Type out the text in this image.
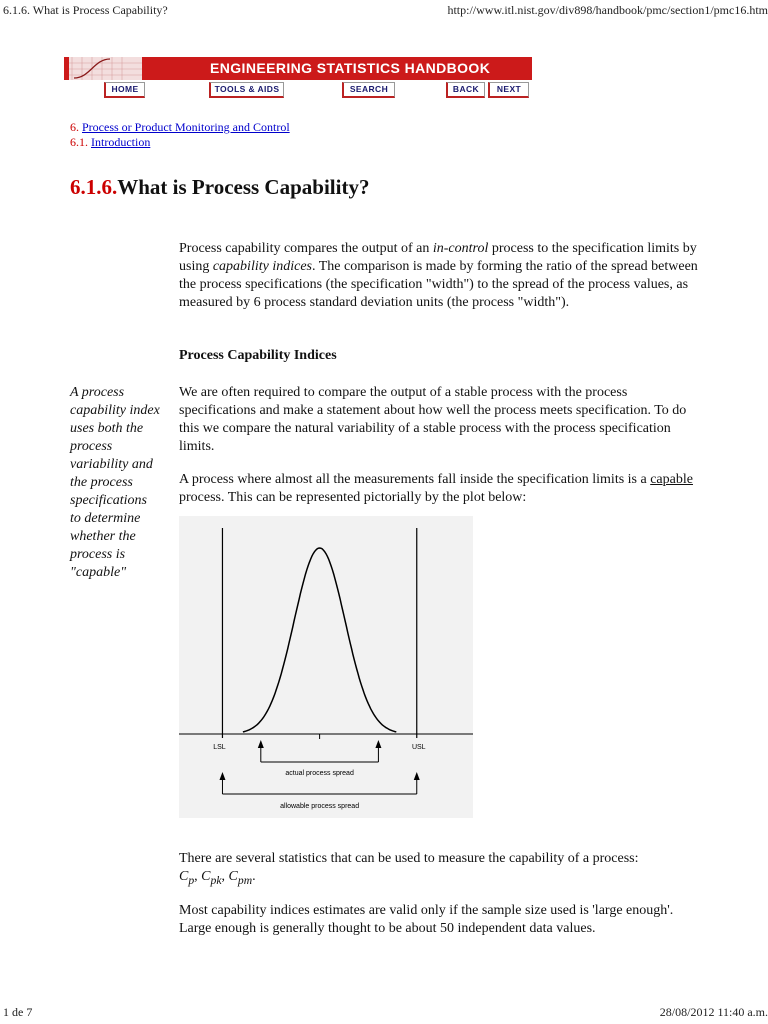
6.1.6. What is Process Capability?	http://www.itl.nist.gov/div898/handbook/pmc/section1/pmc16.htm
ENGINEERING STATISTICS HANDBOOK
HOME	TOOLS & AIDS	SEARCH	BACK	NEXT
6. Process or Product Monitoring and Control
6.1. Introduction
6.1.6.What is Process Capability?

Process capability compares the output of an in-control process to the specification limits by using capability indices. The comparison is made by forming the ratio of the spread between the process specifications (the specification "width") to the spread of the process values, as measured by 6 process standard deviation units (the process "width").

Process Capability Indices
A process capability index uses both the process variability and the process specifications to determine whether the process is "capable"
We are often required to compare the output of a stable process with the process specifications and make a statement about how well the process meets specification. To do this we compare the natural variability of a stable process with the process specification limits.

A process where almost all the measurements fall inside the specification limits is a capable process. This can be represented pictorially by the plot below:

LSL	USL
actual process spread
allowable process spread

There are several statistics that can be used to measure the capability of a process:
$C_p$, $C_{pk}$, $C_{pm}$.

Most capability indices estimates are valid only if the sample size used is 'large enough'. Large enough is generally thought to be about 50 independent data values.
1 de 7	28/08/2012 11:40 a.m.
